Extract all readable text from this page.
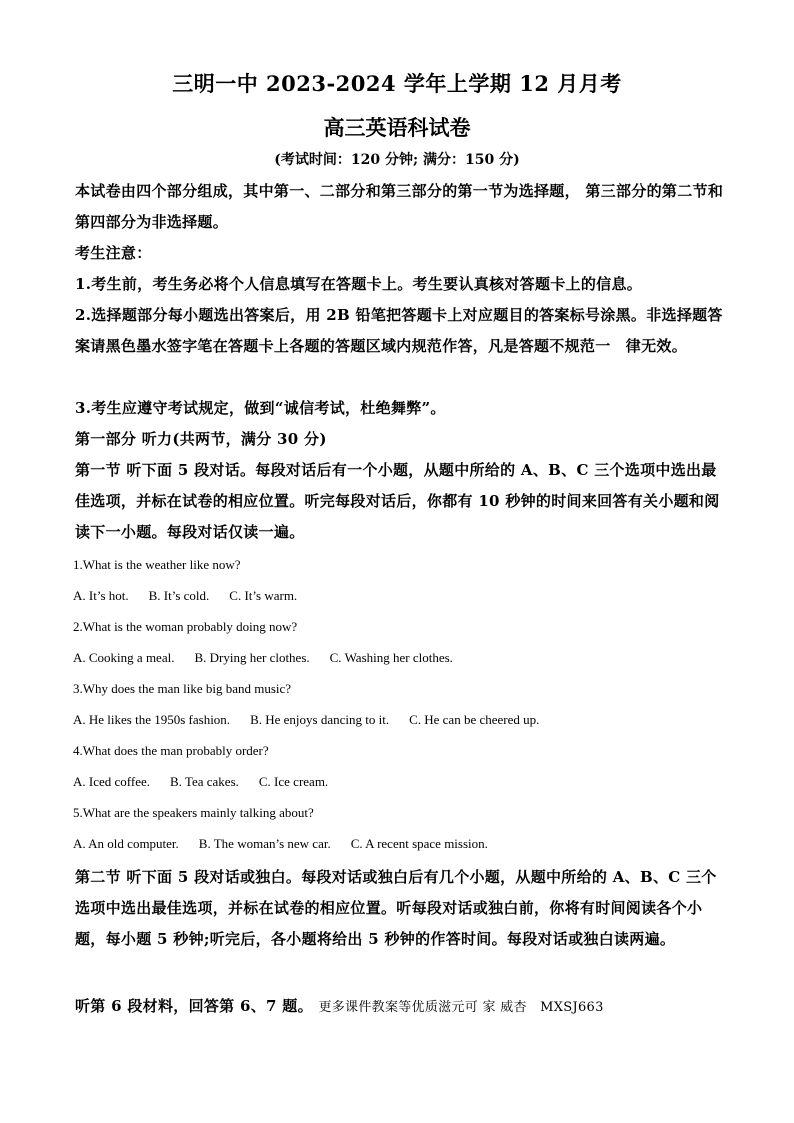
三明一中 2023-2024 学年上学期 12 月月考
高三英语科试卷
(考试时间：120 分钟; 满分：150 分)
本试卷由四个部分组成，其中第一、二部分和第三部分的第一节为选择题， 第三部分的第二节和第四部分为非选择题。
考生注意：
1.考生前，考生务必将个人信息填写在答题卡上。考生要认真核对答题卡上的信息。
2.选择题部分每小题选出答案后，用 2B 铅笔把答题卡上对应题目的答案标号涂黑。非选择题答案请黑色墨水签字笔在答题卡上各题的答题区域内规范作答，凡是答题不规范一　律无效。
3.考生应遵守考试规定，做到“诚信考试，杜绝舞弊”。
第一部分 听力(共两节，满分 30 分)
第一节 听下面 5 段对话。每段对话后有一个小题，从题中所给的 A、B、C 三个选项中选出最佳选项，并标在试卷的相应位置。听完每段对话后，你都有 10 秒钟的时间来回答有关小题和阅读下一小题。每段对话仅读一遍。
1.What is the weather like now?
A. It’s hot. B. It’s cold. C. It’s warm.
2.What is the woman probably doing now?
A. Cooking a meal. B. Drying her clothes. C. Washing her clothes.
3.Why does the man like big band music?
A. He likes the 1950s fashion. B. He enjoys dancing to it. C. He can be cheered up.
4.What does the man probably order?
A. Iced coffee. B. Tea cakes. C. Ice cream.
5.What are the speakers mainly talking about?
A. An old computer. B. The woman’s new car. C. A recent space mission.
第二节 听下面 5 段对话或独白。每段对话或独白后有几个小题，从题中所给的 A、B、C 三个选项中选出最佳选项，并标在试卷的相应位置。听每段对话或独白前，你将有时间阅读各个小题，每小题 5 秒钟;听完后，各小题将给出 5 秒钟的作答时间。每段对话或独白读两遍。
听第 6 段材料，回答第 6、7 题。 更多课件教案等优质滋元可 家 威杏　MXSJ663
